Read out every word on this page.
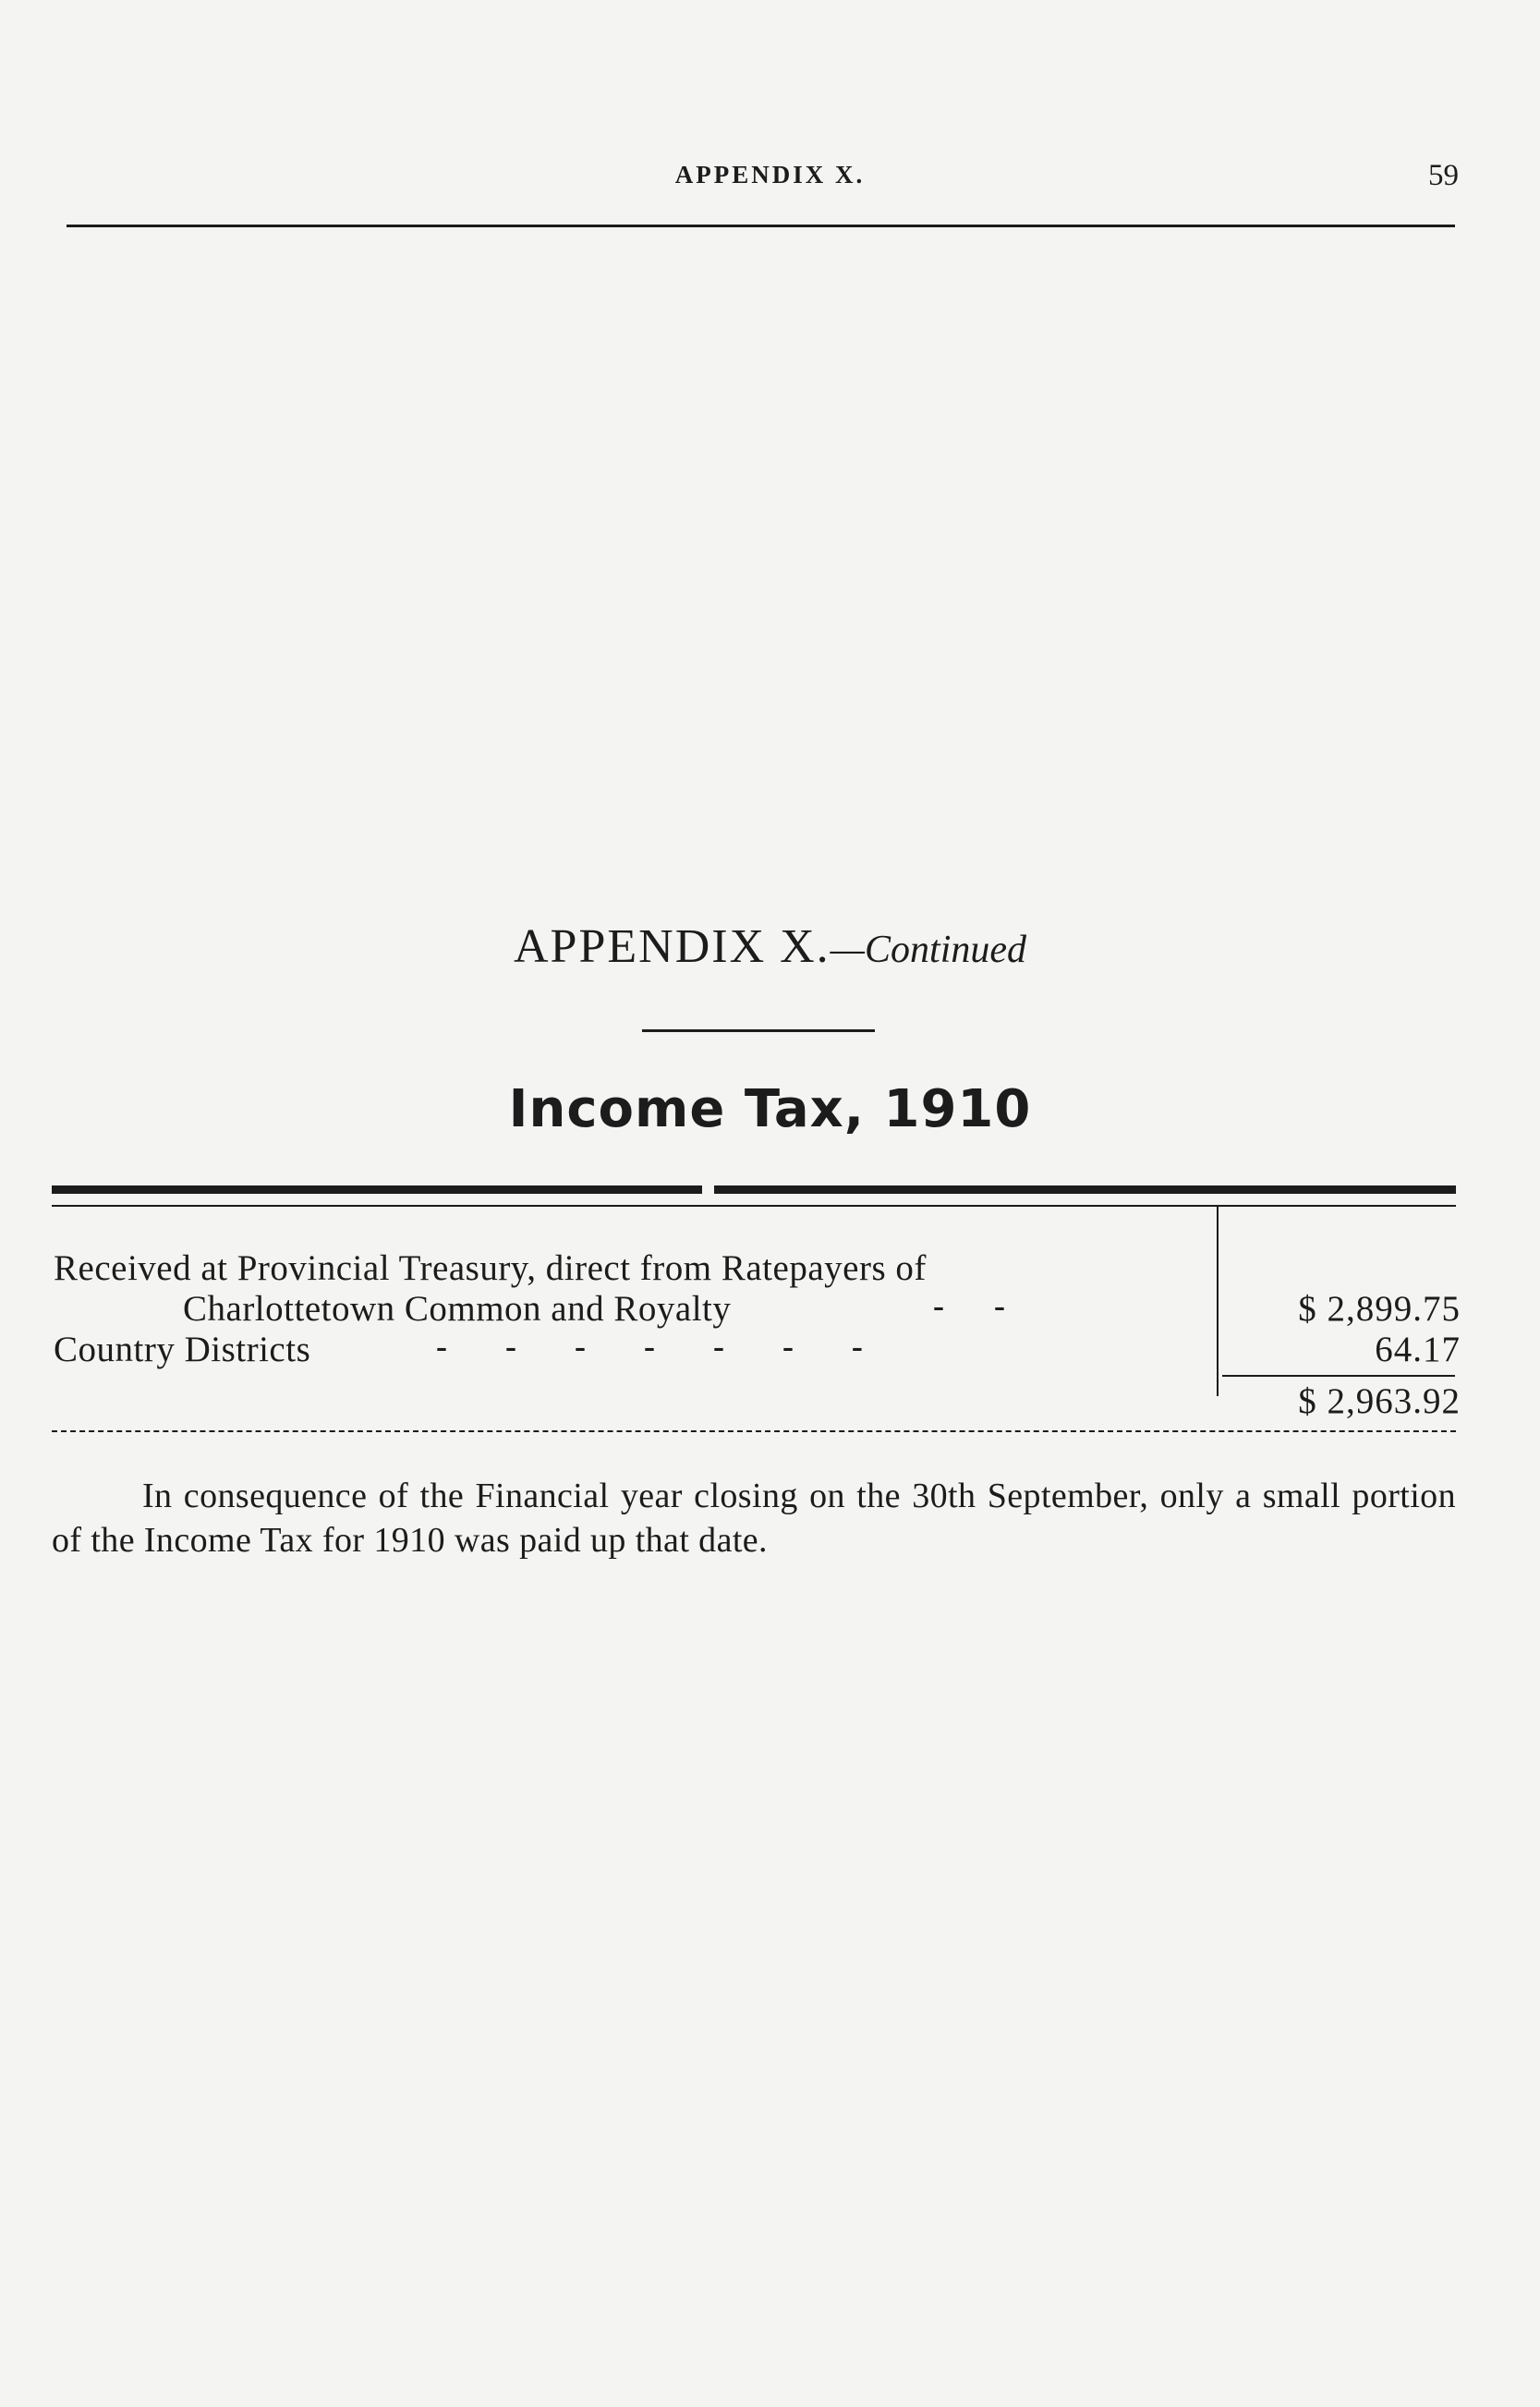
APPENDIX X.	59
APPENDIX X.—Continued
Income Tax, 1910
Received at Provincial Treasury, direct from Ratepayers of
Charlottetown Common and Royalty	-      -	$ 2,899.75
Country Districts	-       -       -       -       -       -       -	64.17
$ 2,963.92
In consequence of the Financial year closing on the 30th September, only a small portion of the Income Tax for 1910 was paid up that date.
